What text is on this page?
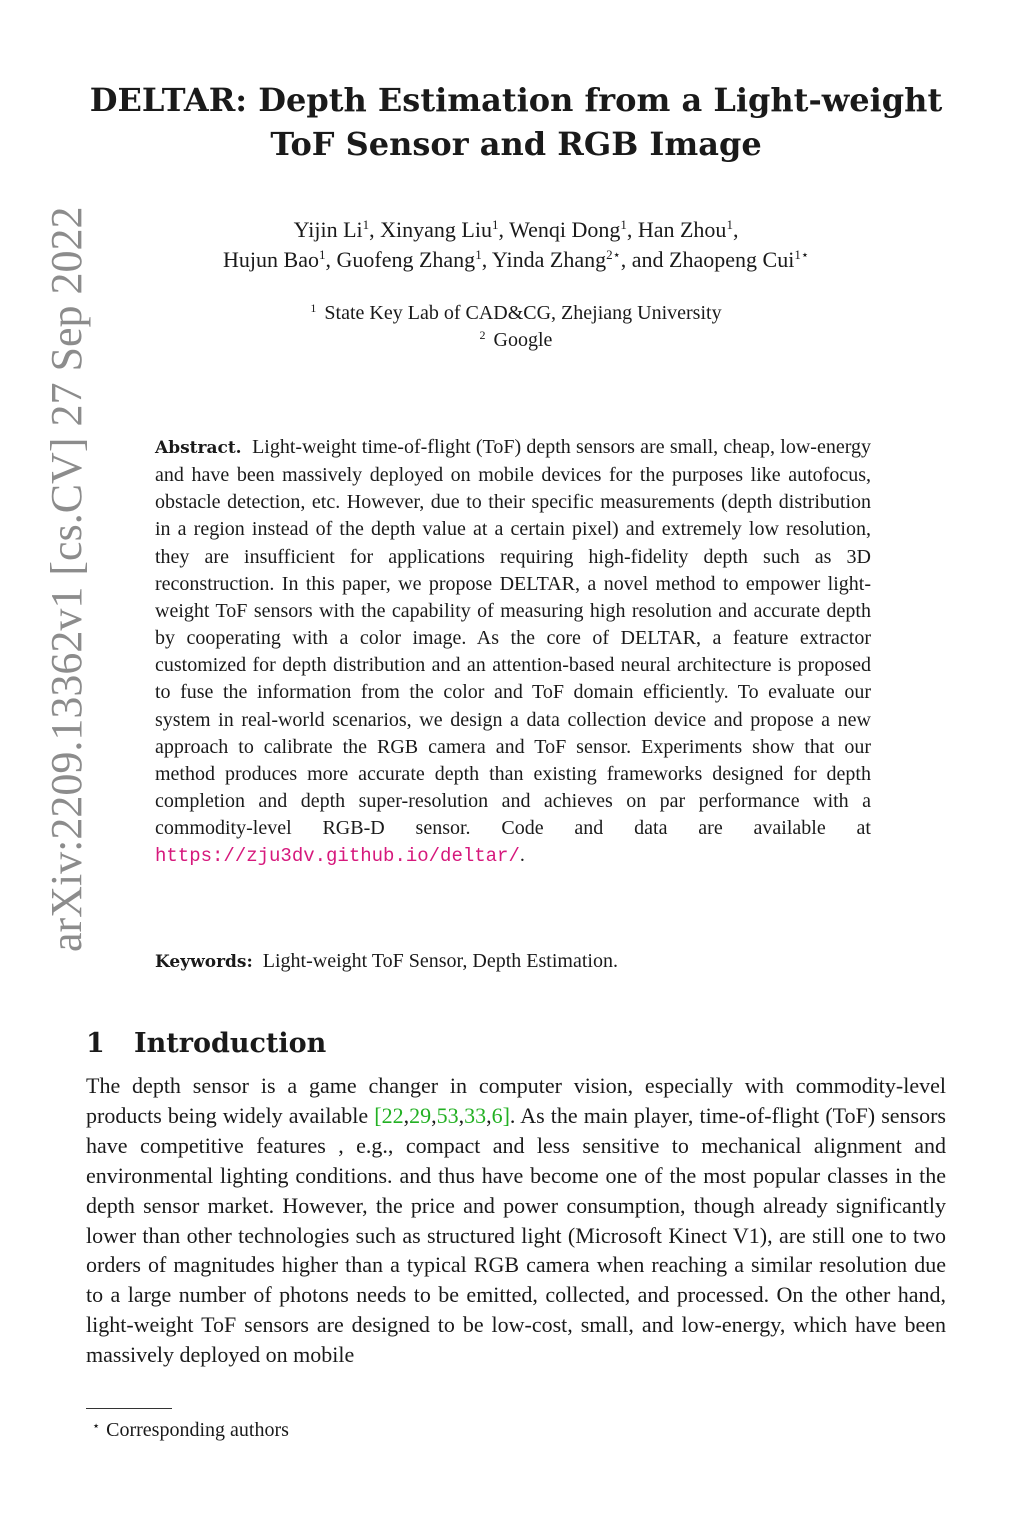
arXiv:2209.13362v1 [cs.CV] 27 Sep 2022
DELTAR: Depth Estimation from a Light-weight
ToF Sensor and RGB Image
Yijin Li$^1$, Xinyang Liu$^1$, Wenqi Dong$^1$, Han Zhou$^1$,
Hujun Bao$^1$, Guofeng Zhang$^1$, Yinda Zhang$^{2⋆}$, and Zhaopeng Cui$^{1⋆}$
$^1$ State Key Lab of CAD&CG, Zhejiang University
$^2$ Google

Abstract. Light-weight time-of-flight (ToF) depth sensors are small, cheap, low-energy and have been massively deployed on mobile devices for the purposes like autofocus, obstacle detection, etc. However, due to their specific measurements (depth distribution in a region instead of the depth value at a certain pixel) and extremely low resolution, they are insufficient for applications requiring high-fidelity depth such as 3D reconstruction. In this paper, we propose DELTAR, a novel method to empower light-weight ToF sensors with the capability of measuring high resolution and accurate depth by cooperating with a color image. As the core of DELTAR, a feature extractor customized for depth distribution and an attention-based neural architecture is proposed to fuse the information from the color and ToF domain efficiently. To evaluate our system in real-world scenarios, we design a data collection device and propose a new approach to calibrate the RGB camera and ToF sensor. Experiments show that our method produces more accurate depth than existing frameworks designed for depth completion and depth super-resolution and achieves on par performance with a commodity-level RGB-D sensor. Code and data are available at https://zju3dv.github.io/deltar/.

Keywords: Light-weight ToF Sensor, Depth Estimation.
1 Introduction

The depth sensor is a game changer in computer vision, especially with commodity-level products being widely available [22,29,53,33,6]. As the main player, time-of-flight (ToF) sensors have competitive features , e.g., compact and less sensitive to mechanical alignment and environmental lighting conditions. and thus have become one of the most popular classes in the depth sensor market. However, the price and power consumption, though already significantly lower than other technologies such as structured light (Microsoft Kinect V1), are still one to two orders of magnitudes higher than a typical RGB camera when reaching a similar resolution due to a large number of photons needs to be emitted, collected, and processed. On the other hand, light-weight ToF sensors are designed to be low-cost, small, and low-energy, which have been massively deployed on mobile

⋆ Corresponding authors
